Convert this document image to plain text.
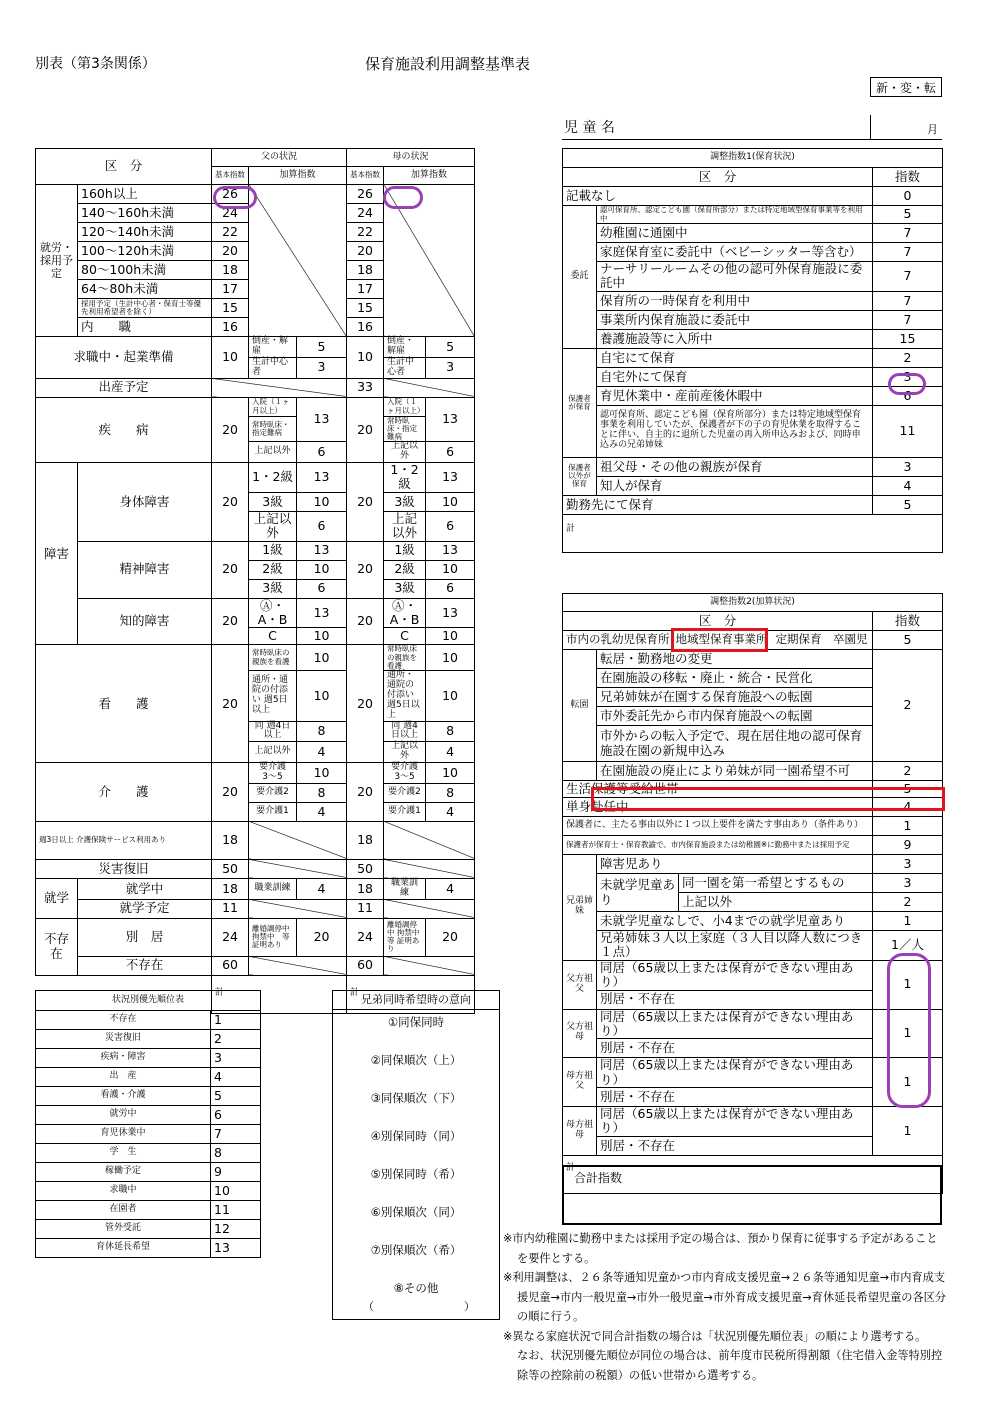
別表（第3条関係）	保育施設利用調整基準表
新・変・転
児 童 名	月
区　分		父の状況			母の状況			
		基本指数	加算指数		基本指数	加算指数		
就労・採用予定	160h以上	26			26			
	140〜160h未満	24			24			
	120〜140h未満	22			22			
	100〜120h未満	20			20			
	80〜100h未満	18			18			
	64〜80h未満	17			17			
	採用予定（生計中心者・保育士等優先利用希望者を除く）	15			15			
	内　　職	16			16			
求職中・起業準備		10	倒産・解雇	5	10	倒産・解雇	5	
			生計中心者	3		生計中心者	3	
出産予定					33			
疾　　病		20	入院（１ヶ月以上）	13	20	入院（１ヶ月以上）	13	
			常時臥床・指定難病			常時臥床・指定難病		
			上記以外	6		上記以外	6	
障害	身体障害	20	1・2級	13	20	1・2級	13	
			3級	10		3級	10	
			上記以外	6		上記以外	6	
	精神障害	20	1級	13	20	1級	13	
			2級	10		2級	10	
			3級	6		3級	6	
	知的障害	20	Ⓐ・A・B	13	20	Ⓐ・A・B	13	
			C	10		C	10	
看　　護		20	常時臥床の親族を看護	10	20	常時臥床の親族を看護	10	
			通所・通院の付添い 週5日以上	10		通所・通院の付添い 週5日以上	10	
			同 週4日以上	8		同 週4日以上	8	
			上記以外	4		上記以外	4	
介　　護		20	要介護3〜5	10	20	要介護3〜5	10	
			要介護2	8		要介護2	8	
			要介護1	4		要介護1	4	
週3日以上 介護保険サービス利用あり		18			18			
災害復旧		50			50			
就学	就学中	18	職業訓練	4	18	職業訓練	4	
	就学予定	11			11			
不存在	別　居	24	離婚調停中 拘禁中　等 証明あり	20	24	離婚調停中 拘禁中　等 証明あり	20	
	不存在	60			60			
		計			計			
調整指数1(保育状況)		
区　分		指数
記載なし		0
委託	認可保育所、認定こども園（保育所部分）または特定地域型保育事業等を利用中	5
	幼稚園に通園中	7
	家庭保育室に委託中（ベビーシッター等含む）	7
	ナーサリールームその他の認可外保育施設に委託中	7
	保育所の一時保育を利用中	7
	事業所内保育施設に委託中	7
	養護施設等に入所中	15
保護者が保育	自宅にて保育	2
	自宅外にて保育	3
	育児休業中・産前産後休暇中	6
	認可保育所、認定こども園（保育所部分）または特定地域型保育事業を利用していたが、保護者が下の子の育児休業を取得することに伴い、自主的に退所した児童の再入所申込みおよび、同時申込みの兄弟姉妹	11
保護者以外が保育	祖父母・その他の親族が保育	3
	知人が保育	4
勤務先にて保育		5
計		
調整指数2(加算状況)			
区　分			指数
市内の乳幼児保育所 地域型保育事業所 定期保育　卒園児			5
転園	転居・勤務地の変更		2
	在園施設の移転・廃止・統合・民営化		
	兄弟姉妹が在園する保育施設への転園		
	市外委託先から市内保育施設への転園		
	市外からの転入予定で、現在居住地の認可保育施設在園の新規申込み		
	在園施設の廃止により弟妹が同一園希望不可		2
生活保護等受給世帯			5
単身赴任中			4
保護者に、主たる事由以外に１つ以上要件を満たす事由あり（条件あり）			1
保護者が保育士・保育教諭で、市内保育施設または幼稚園※に勤務中または採用予定			9
兄弟姉妹	障害児あり		3
	未就学児童あり	同一園を第一希望とするもの	3
		上記以外	2
	未就学児童なしで、小4までの就学児童あり		1
	兄弟姉妹３人以上家庭（３人目以降人数につき１点）		1／人
父方祖父	同居（65歳以上または保育ができない理由あり）		1
	別居・不存在		
父方祖母	同居（65歳以上または保育ができない理由あり）		1
	別居・不存在		
母方祖父	同居（65歳以上または保育ができない理由あり）		1
	別居・不存在		
母方祖母	同居（65歳以上または保育ができない理由あり）		1
	別居・不存在		
計			
状況別優先順位表	
不存在	1
災害復旧	2
疾病・障害	3
出　産	4
看護・介護	5
就労中	6
育児休業中	7
学　生	8
稼働予定	9
求職中	10
在園者	11
管外受託	12
育休延長希望	13
兄弟同時希望時の意向
①同保同時
②同保順次（上）
③同保順次（下）
④別保同時（同）
⑤別保同時（希）
⑥別保順次（同）
⑦別保順次（希）
⑧その他
（	）
合計指数

※市内幼稚園に勤務中または採用予定の場合は、預かり保育に従事する予定があることを要件とする。

※利用調整は、２６条等通知児童かつ市内育成支援児童→２６条等通知児童→市内育成支援児童→市内一般児童→市外一般児童→市外育成支援児童→育休延長希望児童の各区分の順に行う。

※異なる家庭状況で同合計指数の場合は「状況別優先順位表」の順により選考する。

なお、状況別優先順位が同位の場合は、前年度市民税所得割額（住宅借入金等特別控除等の控除前の税額）の低い世帯から選考する。
